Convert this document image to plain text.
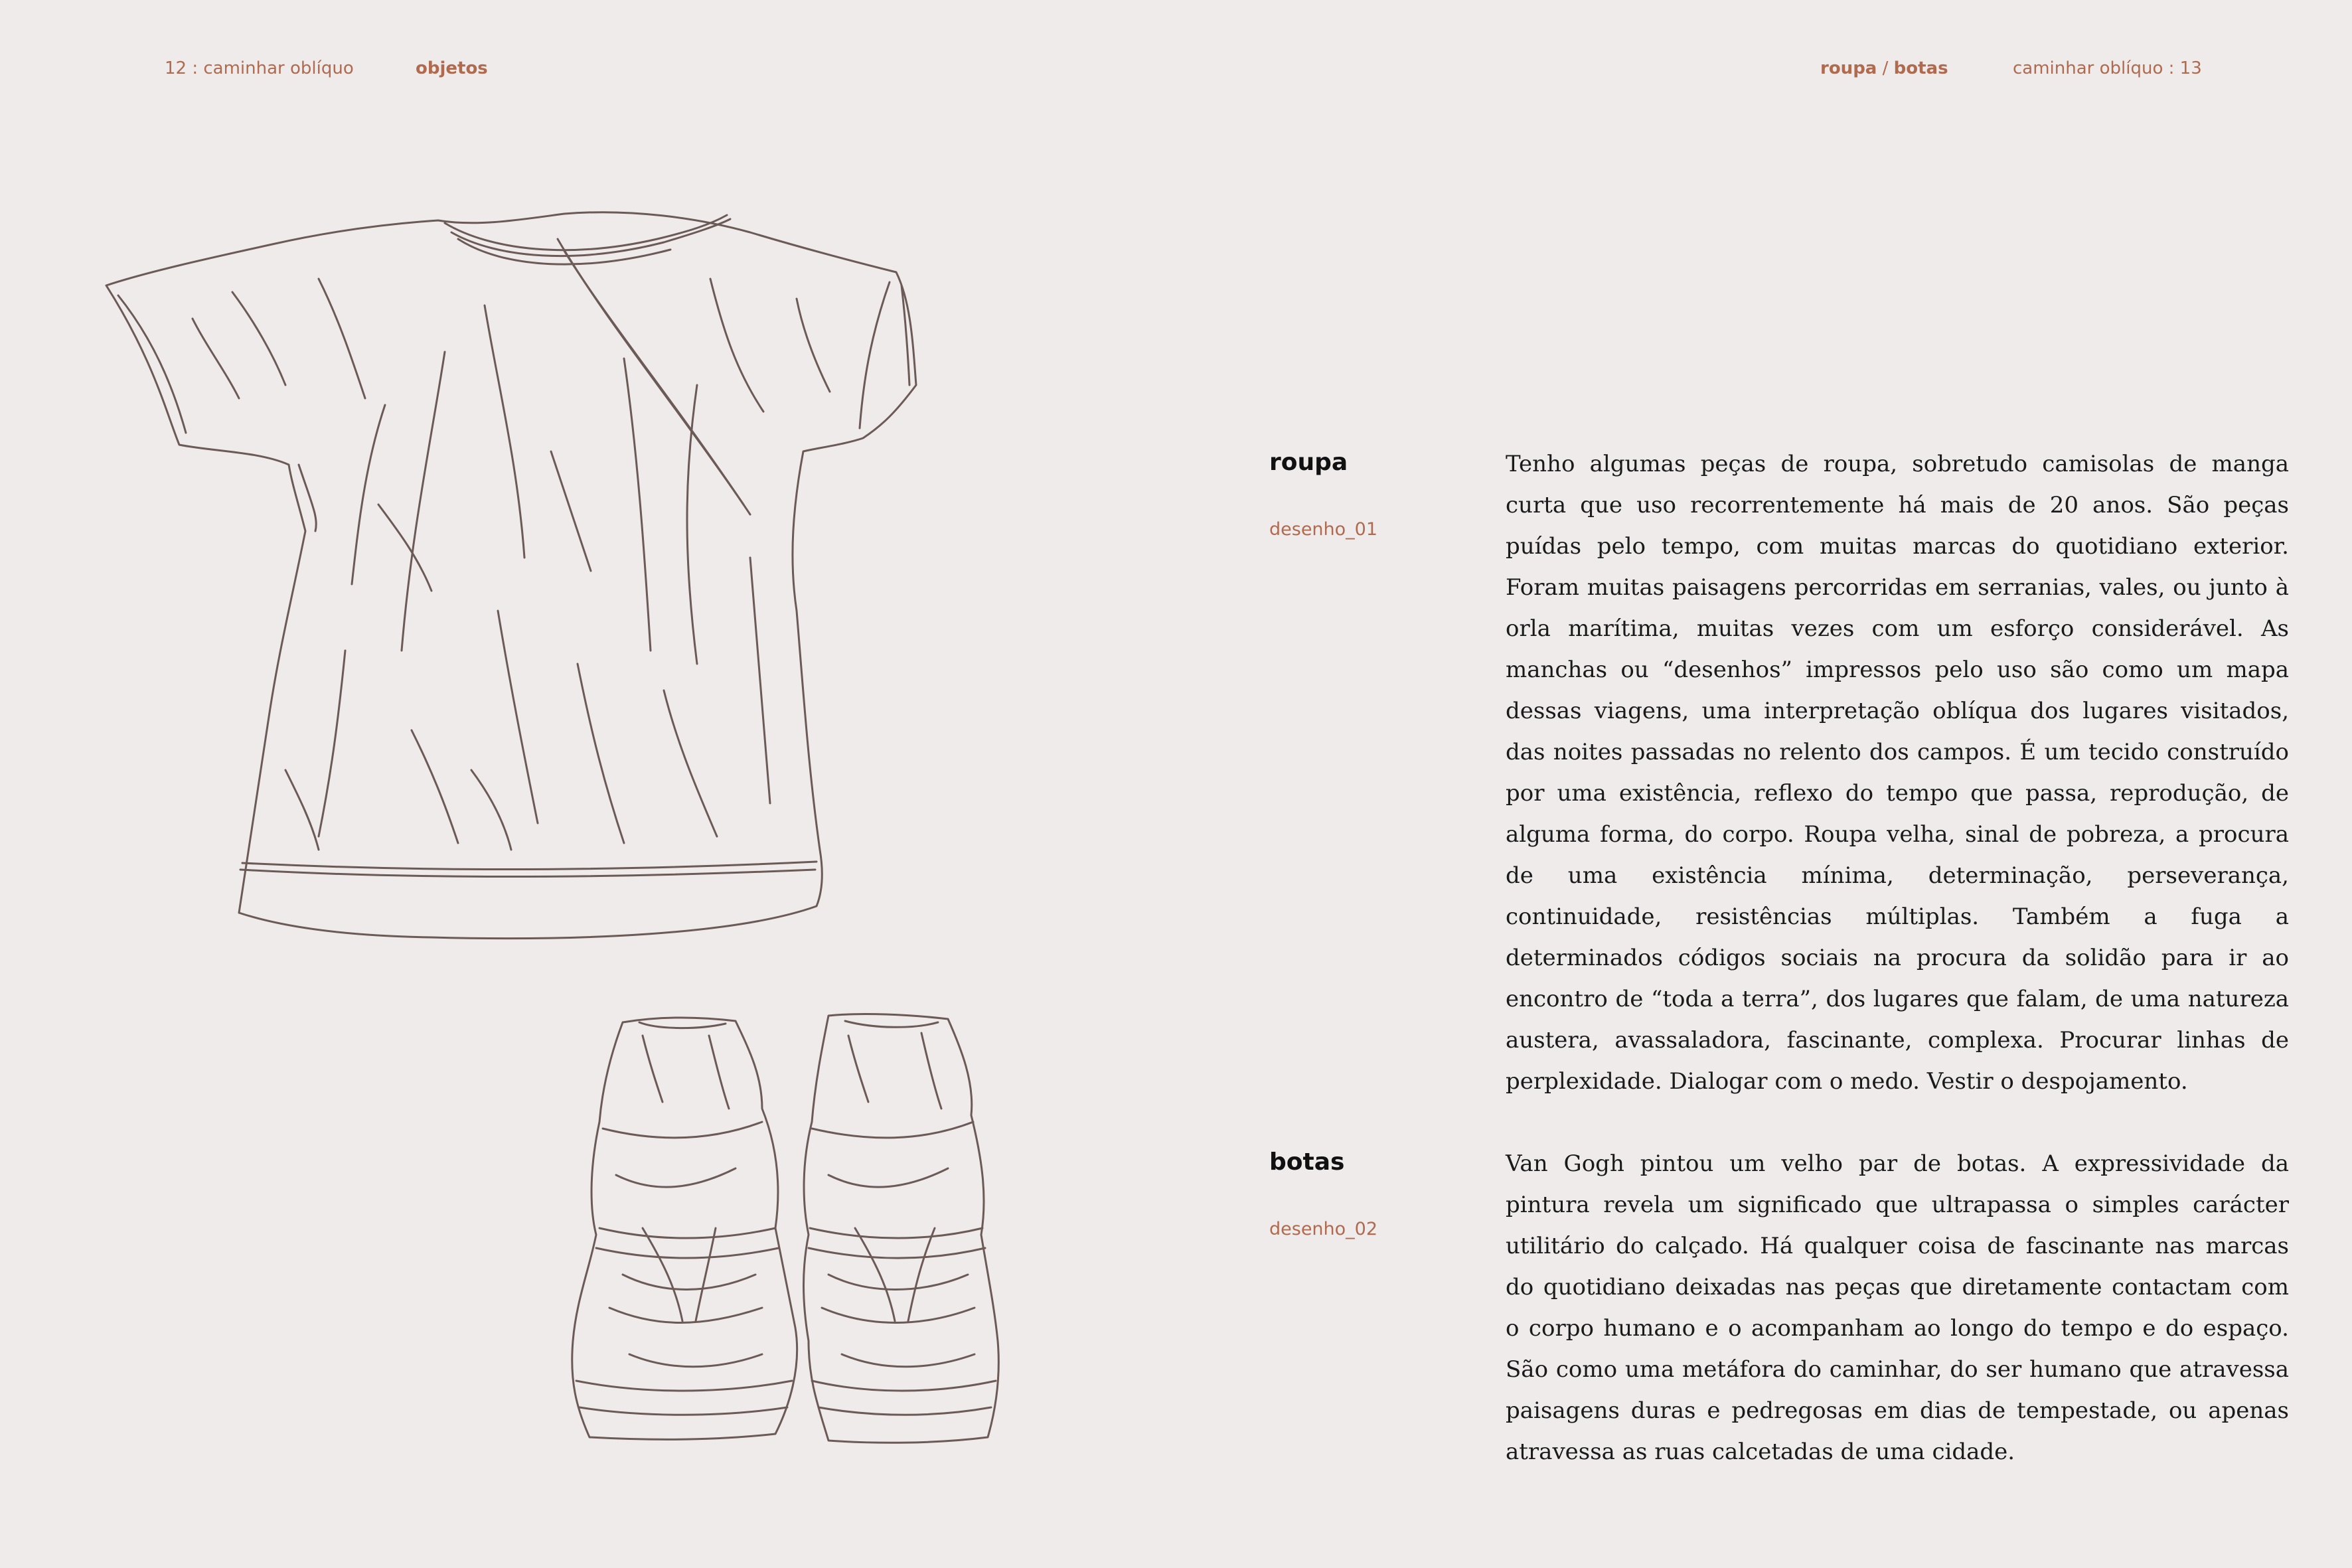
12 : caminhar oblíquo	objetos	roupa / botas	caminhar oblíquo : 13
roupa
desenho_01

Tenho algumas peças de roupa, sobretudo camisolas de manga curta que uso recorrentemente há mais de 20 anos. São peças puídas pelo tempo, com muitas marcas do quotidiano exterior. Foram muitas paisagens percorridas em serranias, vales, ou junto à orla marítima, muitas vezes com um esforço considerável. As manchas ou “desenhos” impressos pelo uso são como um mapa dessas viagens, uma interpretação oblíqua dos lugares visitados, das noites passadas no relento dos campos. É um tecido construído por uma existência, reflexo do tempo que passa, reprodução, de alguma forma, do corpo. Roupa velha, sinal de pobreza, a procura de uma existência mínima, determinação, perseverança, continuidade, resistências múltiplas. Também a fuga a determinados códigos sociais na procura da solidão para ir ao encontro de “toda a terra”, dos lugares que falam, de uma natureza austera, avassaladora, fascinante, complexa. Procurar linhas de perplexidade. Dialogar com o medo. Vestir o despojamento.

botas
desenho_02

Van Gogh pintou um velho par de botas. A expressividade da pintura revela um significado que ultrapassa o simples carácter utilitário do calçado. Há qualquer coisa de fascinante nas marcas do quotidiano deixadas nas peças que diretamente contactam com o corpo humano e o acompanham ao longo do tempo e do espaço. São como uma metáfora do caminhar, do ser humano que atravessa paisagens duras e pedregosas em dias de tempestade, ou apenas atravessa as ruas calcetadas de uma cidade.
